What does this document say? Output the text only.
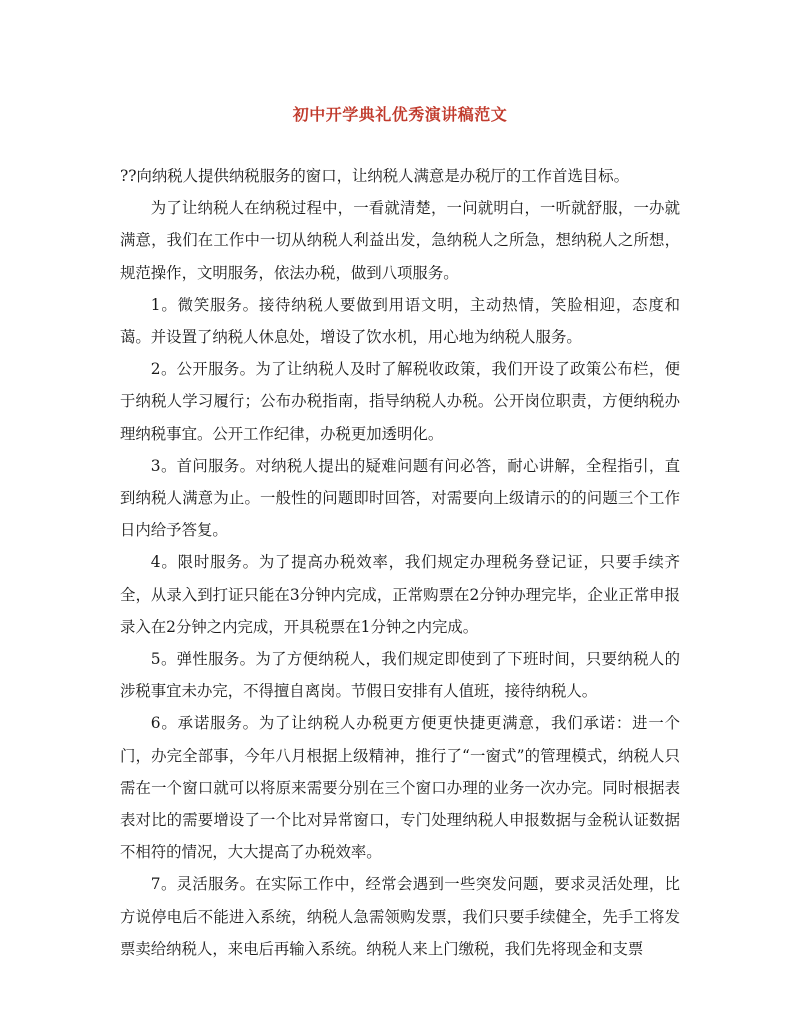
初中开学典礼优秀演讲稿范文

??向纳税人提供纳税服务的窗口，让纳税人满意是办税厅的工作首选目标。

为了让纳税人在纳税过程中，一看就清楚，一问就明白，一听就舒服，一办就满意，我们在工作中一切从纳税人利益出发，急纳税人之所急，想纳税人之所想，规范操作，文明服务，依法办税，做到八项服务。

1。微笑服务。接待纳税人要做到用语文明，主动热情，笑脸相迎，态度和蔼。并设置了纳税人休息处，增设了饮水机，用心地为纳税人服务。

2。公开服务。为了让纳税人及时了解税收政策，我们开设了政策公布栏，便于纳税人学习履行；公布办税指南，指导纳税人办税。公开岗位职责，方便纳税办理纳税事宜。公开工作纪律，办税更加透明化。

3。首问服务。对纳税人提出的疑难问题有问必答，耐心讲解，全程指引，直到纳税人满意为止。一般性的问题即时回答，对需要向上级请示的的问题三个工作日内给予答复。

4。限时服务。为了提高办税效率，我们规定办理税务登记证，只要手续齐全，从录入到打证只能在3分钟内完成，正常购票在2分钟办理完毕，企业正常申报录入在2分钟之内完成，开具税票在1分钟之内完成。

5。弹性服务。为了方便纳税人，我们规定即使到了下班时间，只要纳税人的涉税事宜未办完，不得擅自离岗。节假日安排有人值班，接待纳税人。

6。承诺服务。为了让纳税人办税更方便更快捷更满意，我们承诺：进一个门，办完全部事，今年八月根据上级精神，推行了“一窗式”的管理模式，纳税人只需在一个窗口就可以将原来需要分别在三个窗口办理的业务一次办完。同时根据表表对比的需要增设了一个比对异常窗口，专门处理纳税人申报数据与金税认证数据不相符的情况，大大提高了办税效率。

7。灵活服务。在实际工作中，经常会遇到一些突发问题，要求灵活处理，比方说停电后不能进入系统，纳税人急需领购发票，我们只要手续健全，先手工将发票卖给纳税人，来电后再输入系统。纳税人来上门缴税，我们先将现金和支票
